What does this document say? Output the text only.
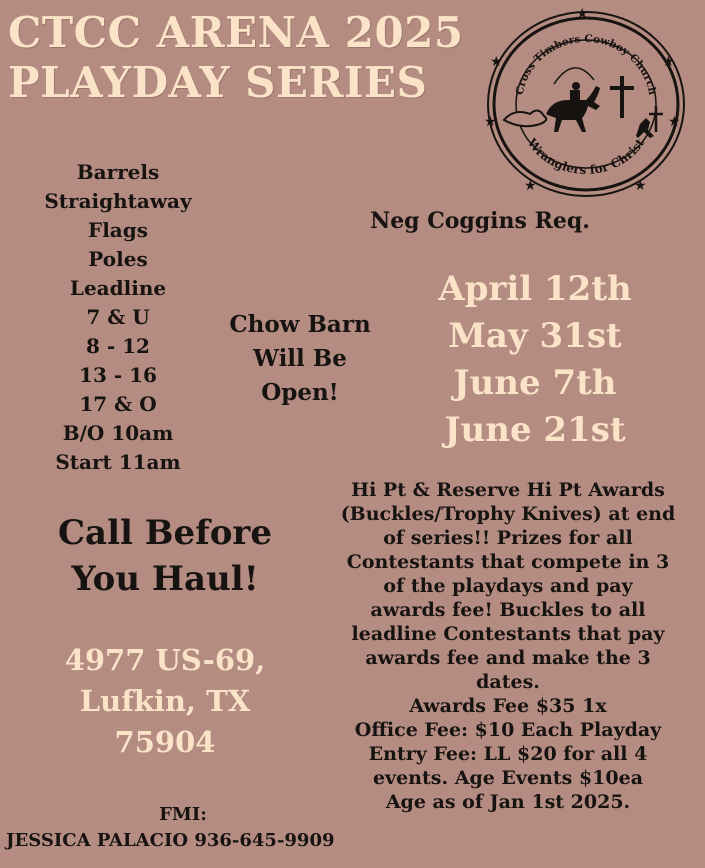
CTCC ARENA 2025
PLAYDAY SERIES
★
★
★
★
★
★
★
Cross Timbers Cowboy Church
Wranglers for Christ
Barrels
Straightaway
Flags
Poles
Leadline
7 & U
8 - 12
13 - 16
17 & O
B/O 10am
Start 11am
Neg Coggins Req.
Chow Barn
Will Be
Open!
April 12th
May 31st
June 7th
June 21st
Call Before
You Haul!
4977 US-69,
Lufkin, TX
75904
Hi Pt & Reserve Hi Pt Awards
(Buckles/Trophy Knives) at end
of series!! Prizes for all
Contestants that compete in 3
of the playdays and pay
awards fee! Buckles to all
leadline Contestants that pay
awards fee and make the 3
dates.
Awards Fee $35 1x
Office Fee: $10 Each Playday
Entry Fee: LL $20 for all 4
events. Age Events $10ea
Age as of Jan 1st 2025.
FMI:
JESSICA PALACIO 936-645-9909
